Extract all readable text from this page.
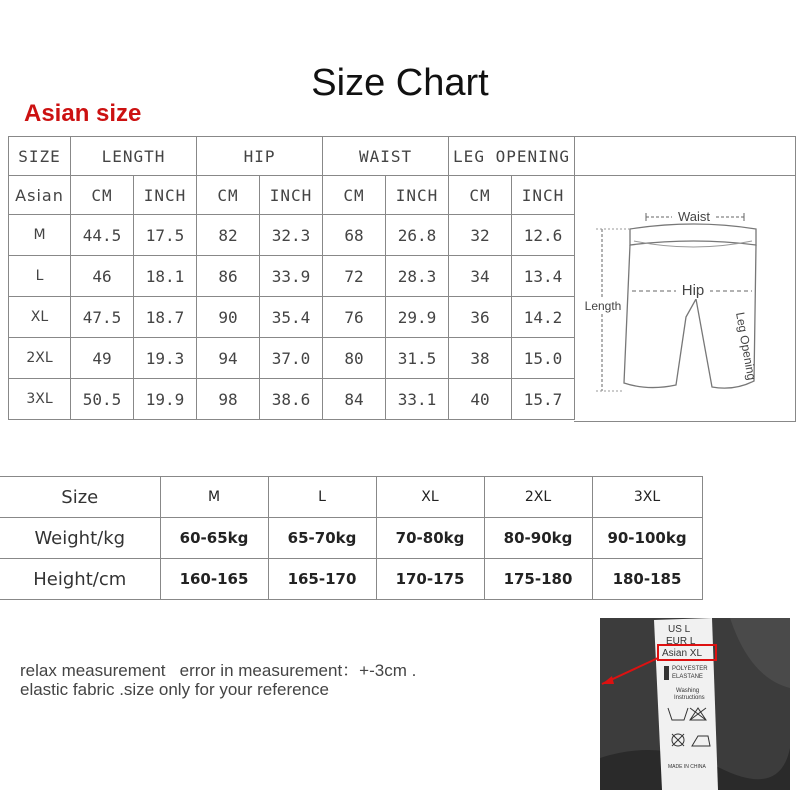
Size Chart
Asian size
SIZE	LENGTH		HIP		WAIST		LEG OPENING	
Asian	CM	INCH	CM	INCH	CM	INCH	CM	INCH
M	44.5	17.5	82	32.3	68	26.8	32	12.6
L	46	18.1	86	33.9	72	28.3	34	13.4
XL	47.5	18.7	90	35.4	76	29.9	36	14.2
2XL	49	19.3	94	37.0	80	31.5	38	15.0
3XL	50.5	19.9	98	38.6	84	33.1	40	15.7
Waist
Hip
Length
Leg Opening
Size	M	L	XL	2XL	3XL
Weight/kg	60-65kg	65-70kg	70-80kg	80-90kg	90-100kg
Height/cm	160-165	165-170	170-175	175-180	180-185
relax measurement   error in measurement：+-3cm .
elastic fabric .size only for your reference
US L
EUR L
Asian XL
POLYESTER
ELASTANE
Washing
Instructions
MADE IN CHINA
